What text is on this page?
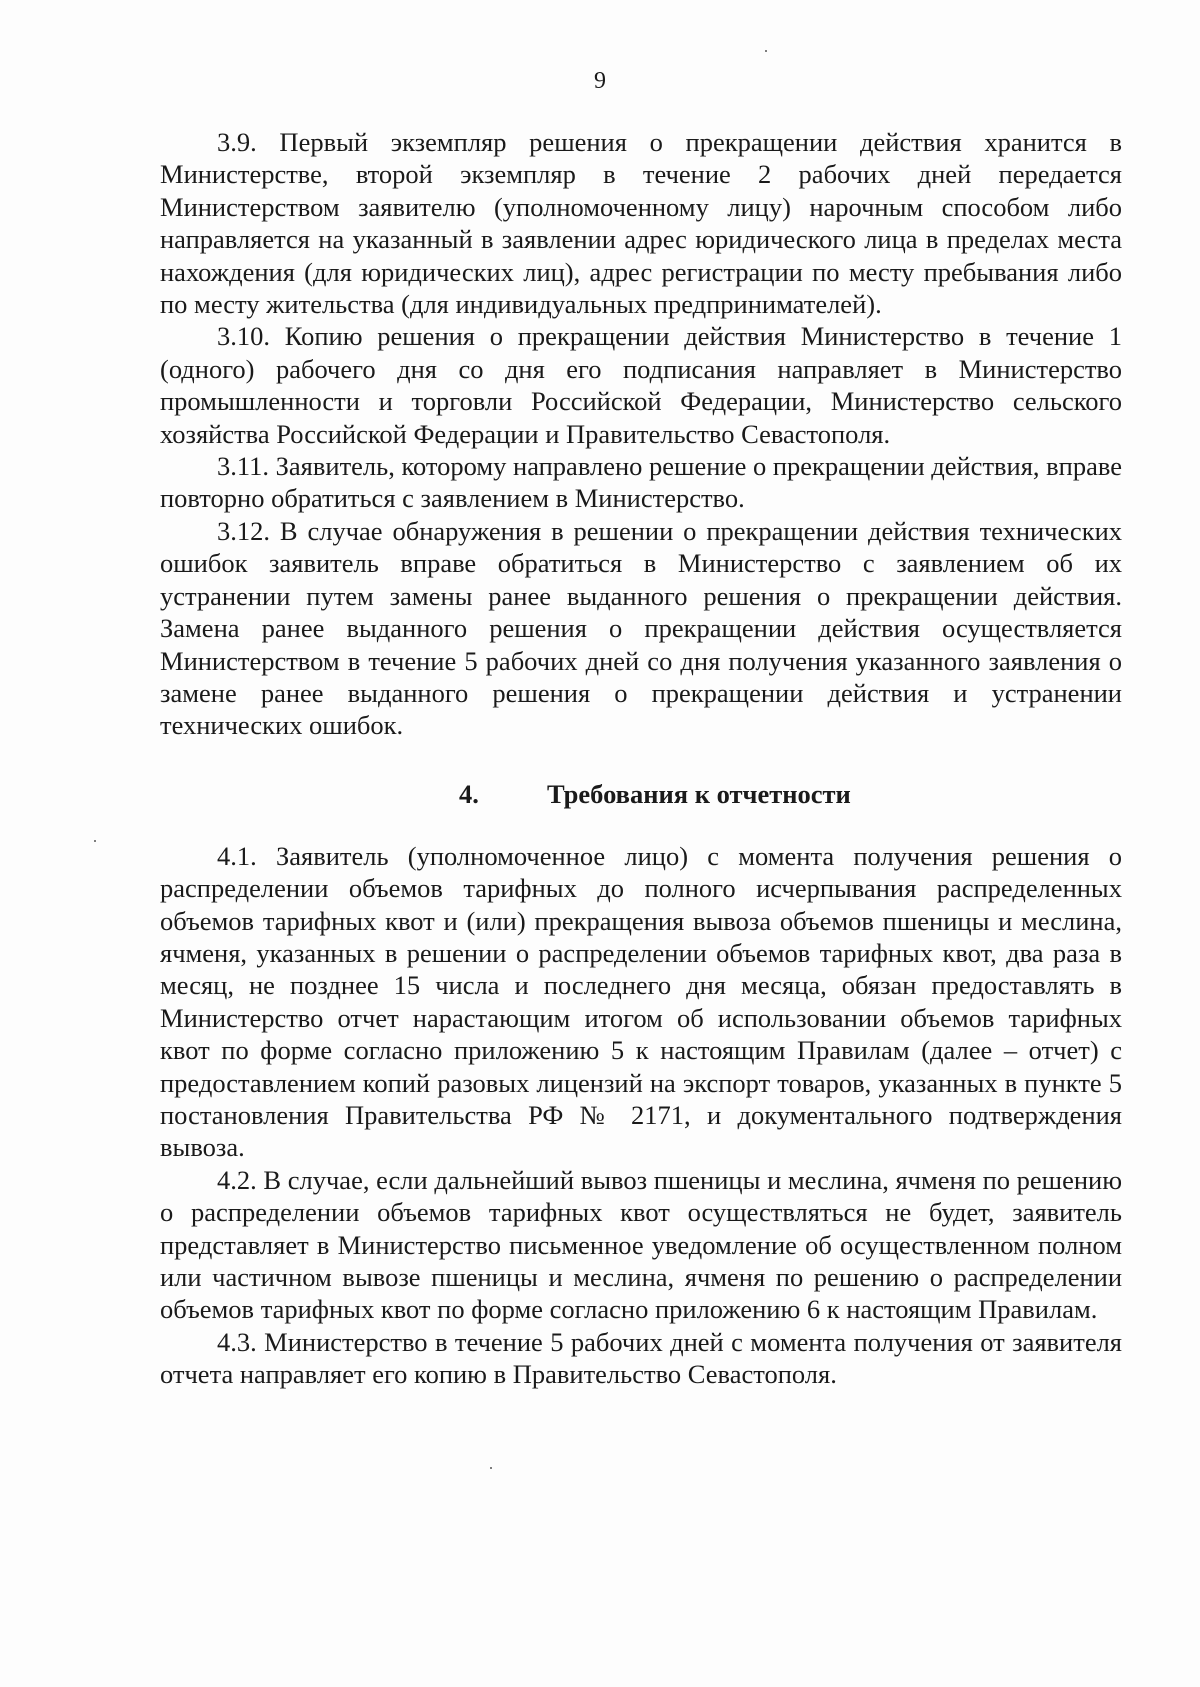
9

3.9. Первый экземпляр решения о прекращении действия хранится в Министерстве, второй экземпляр в течение 2 рабочих дней передается Министерством заявителю (уполномоченному лицу) нарочным способом либо направляется на указанный в заявлении адрес юридического лица в пределах места нахождения (для юридических лиц), адрес регистрации по месту пребывания либо по месту жительства (для индивидуальных предпринимателей).

3.10. Копию решения о прекращении действия Министерство в течение 1 (одного) рабочего дня со дня его подписания направляет в Министерство промышленности и торговли Российской Федерации, Министерство сельского хозяйства Российской Федерации и Правительство Севастополя.

3.11. Заявитель, которому направлено решение о прекращении действия, вправе повторно обратиться с заявлением в Министерство.

3.12. В случае обнаружения в решении о прекращении действия технических ошибок заявитель вправе обратиться в Министерство с заявлением об их устранении путем замены ранее выданного решения о прекращении действия. Замена ранее выданного решения о прекращении действия осуществляется Министерством в течение 5 рабочих дней со дня получения указанного заявления о замене ранее выданного решения о прекращении действия и устранении технических ошибок.

4.	Требования к отчетности

4.1. Заявитель (уполномоченное лицо) с момента получения решения о распределении объемов тарифных до полного исчерпывания распределенных объемов тарифных квот и (или) прекращения вывоза объемов пшеницы и меслина, ячменя, указанных в решении о распределении объемов тарифных квот, два раза в месяц, не позднее 15 числа и последнего дня месяца, обязан предоставлять в Министерство отчет нарастающим итогом об использовании объемов тарифных квот по форме согласно приложению 5 к настоящим Правилам (далее – отчет) с предоставлением копий разовых лицензий на экспорт товаров, указанных в пункте 5 постановления Правительства РФ № 2171, и документального подтверждения вывоза.

4.2. В случае, если дальнейший вывоз пшеницы и меслина, ячменя по решению о распределении объемов тарифных квот осуществляться не будет, заявитель представляет в Министерство письменное уведомление об осуществленном полном или частичном вывозе пшеницы и меслина, ячменя по решению о распределении объемов тарифных квот по форме согласно приложению 6 к настоящим Правилам.

4.3. Министерство в течение 5 рабочих дней с момента получения от заявителя отчета направляет его копию в Правительство Севастополя.
